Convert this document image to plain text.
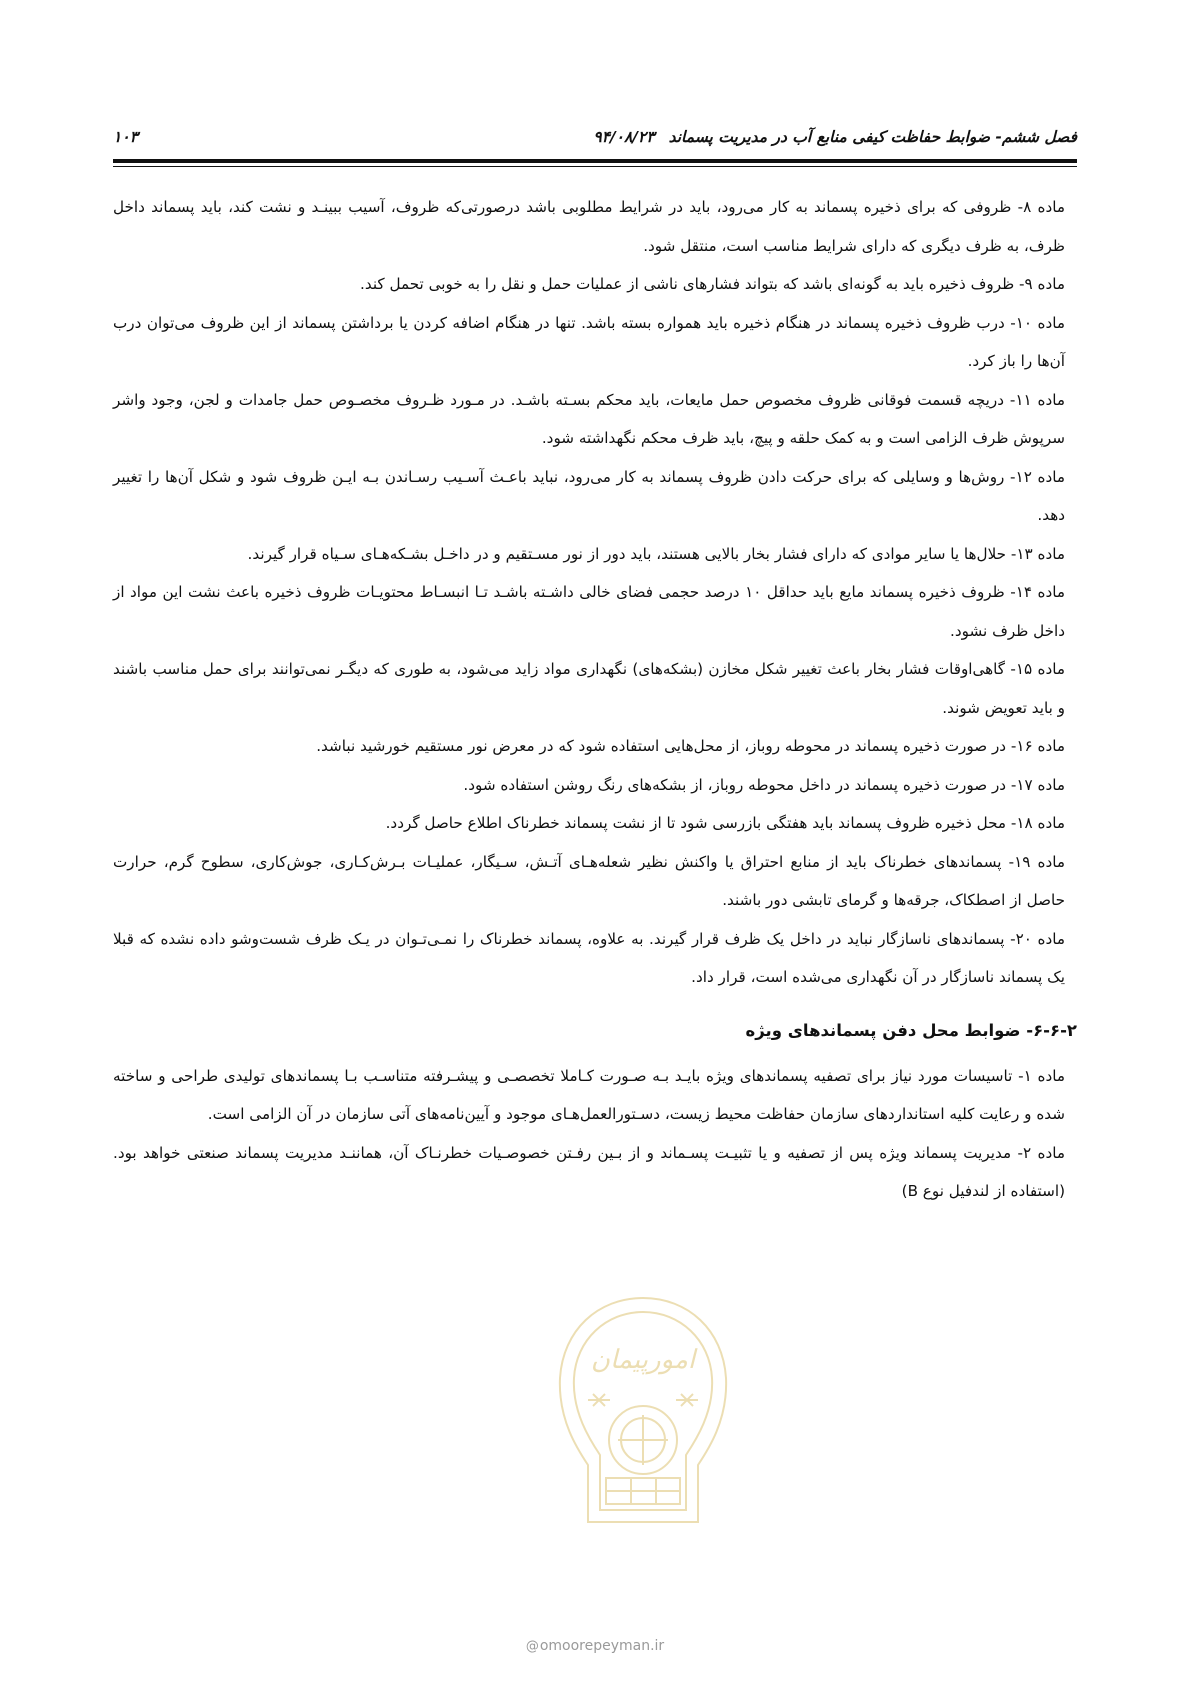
فصل ششم- ضوابط حفاظت کیفی منابع آب در مدیریت پسماند۹۴/۰۸/۲۳
۱۰۳

ماده ۸- ظروفی که برای ذخیره پسماند به کار می‌رود، باید در شرایط مطلوبی باشد درصورتی‌که ظروف، آسیب ببینـد و نشت کند، باید پسماند داخل ظرف، به ظرف دیگری که دارای شرایط مناسب است، منتقل شود.

ماده ۹- ظروف ذخیره باید به گونه‌ای باشد که بتواند فشارهای ناشی از عملیات حمل و نقل را به خوبی تحمل کند.

ماده ۱۰- درب ظروف ذخیره پسماند در هنگام ذخیره باید همواره بسته باشد. تنها در هنگام اضافه کردن یا برداشتن پسماند از این ظروف می‌توان درب آن‌ها را باز کرد.

ماده ۱۱- دریچه قسمت فوقانی ظروف مخصوص حمل مایعات، باید محکم بسـته باشـد. در مـورد ظـروف مخصـوص حمل جامدات و لجن، وجود واشر سرپوش ظرف الزامی است و به کمک حلقه و پیچ، باید ظرف محکم نگهداشته شود.

ماده ۱۲- روش‌ها و وسایلی که برای حرکت دادن ظروف پسماند به کار می‌رود، نباید باعـث آسـیب رسـاندن بـه ایـن ظروف شود و شکل آن‌ها را تغییر دهد.

ماده ۱۳- حلال‌ها یا سایر موادی که دارای فشار بخار بالایی هستند، باید دور از نور مسـتقیم و در داخـل بشـکه‌هـای سـیاه قرار گیرند.

ماده ۱۴- ظروف ذخیره پسماند مایع باید حداقل ۱۰ درصد حجمی فضای خالی داشـته باشـد تـا انبسـاط محتویـات ظروف ذخیره باعث نشت این مواد از داخل ظرف نشود.

ماده ۱۵- گاهی‌اوقات فشار بخار باعث تغییر شکل مخازن (بشکه‌های) نگهداری مواد زاید می‌شود، به طوری که دیگـر نمی‌توانند برای حمل مناسب باشند و باید تعویض شوند.

ماده ۱۶- در صورت ذخیره پسماند در محوطه روباز، از محل‌هایی استفاده شود که در معرض نور مستقیم خورشید نباشد.

ماده ۱۷- در صورت ذخیره پسماند در داخل محوطه روباز، از بشکه‌های رنگ روشن استفاده شود.

ماده ۱۸- محل ذخیره ظروف پسماند باید هفتگی بازرسی شود تا از نشت پسماند خطرناک اطلاع حاصل گردد.

ماده ۱۹- پسماندهای خطرناک باید از منابع احتراق یا واکنش نظیر شعله‌هـای آتـش، سـیگار، عملیـات بـرش‌کـاری، جوش‌کاری، سطوح گرم، حرارت حاصل از اصطکاک، جرقه‌ها و گرمای تابشی دور باشند.

ماده ۲۰- پسماندهای ناسازگار نباید در داخل یک ظرف قرار گیرند. به علاوه، پسماند خطرناک را نمـی‌تـوان در یـک ظرف شست‌وشو داده نشده که قبلا یک پسماند ناسازگار در آن نگهداری می‌شده است، قرار داد.

۶-۶-۲- ضوابط محل دفن پسماندهای ویژه

ماده ۱- تاسیسات مورد نیاز برای تصفیه پسماندهای ویژه بایـد بـه صـورت کـاملا تخصصـی و پیشـرفته متناسـب بـا پسماندهای تولیدی طراحی و ساخته شده و رعایت کلیه استانداردهای سازمان حفاظت محیط زیست، دسـتورالعمل‌هـای موجود و آیین‌نامه‌های آتی سازمان در آن الزامی است.

ماده ۲- مدیریت پسماند ویژه پس از تصفیه و یا تثبیـت پسـماند و از بـین رفـتن خصوصـیات خطرنـاک آن، هماننـد مدیریت پسماند صنعتی خواهد بود.(استفاده از لندفیل نوع B)

امورپیمان
@omoorepeyman.ir
